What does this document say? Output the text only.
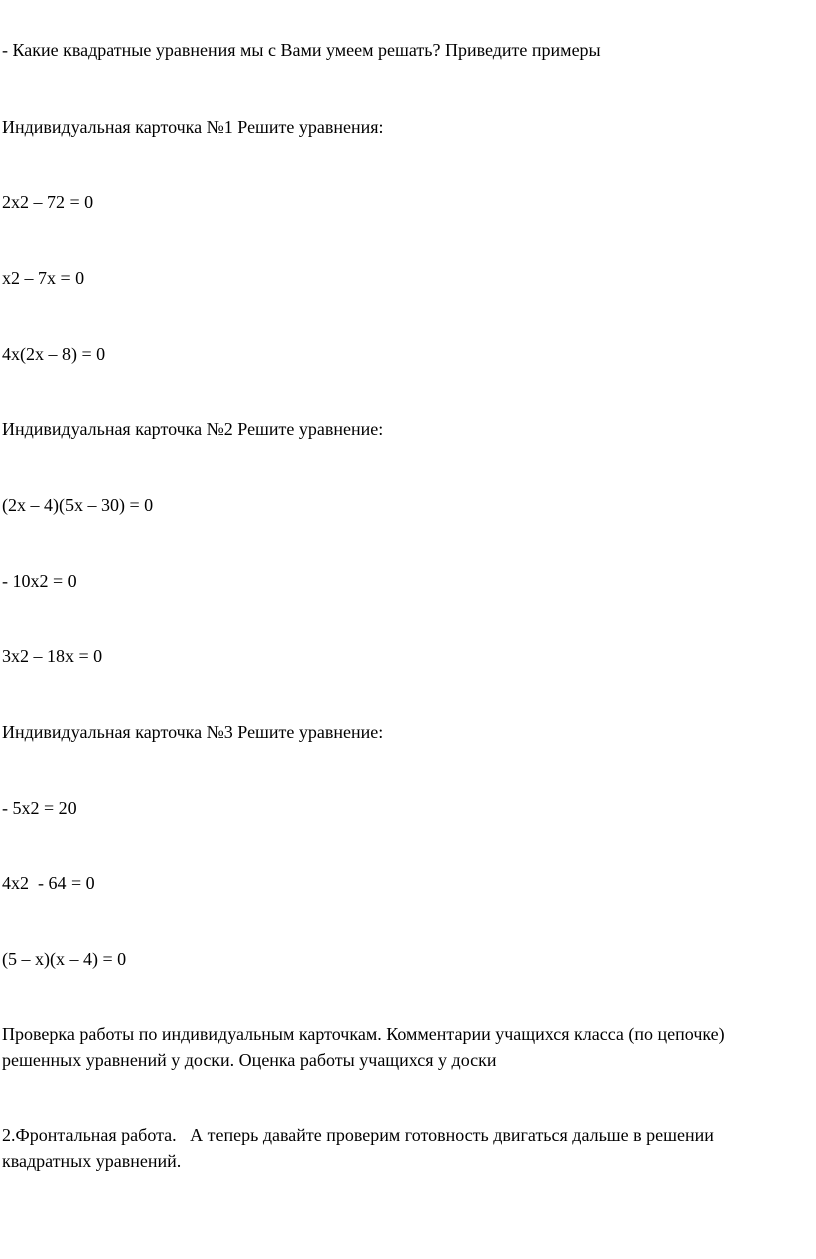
- Какие квадратные уравнения мы с Вами умеем решать? Приведите примеры

Индивидуальная карточка №1 Решите уравнения:

2x2 – 72 = 0

x2 – 7x = 0

4x(2x – 8) = 0

Индивидуальная карточка №2 Решите уравнение:

(2x – 4)(5x – 30) = 0

- 10x2 = 0

3x2 – 18x = 0

Индивидуальная карточка №3 Решите уравнение:

- 5x2 = 20

4x2  - 64 = 0

(5 – x)(x – 4) = 0

Проверка работы по индивидуальным карточкам. Комментарии учащихся класса (по цепочке) решенных уравнений у доски. Оценка работы учащихся у доски

2.Фронтальная работа.   А теперь давайте проверим готовность двигаться дальше в решении квадратных уравнений.
